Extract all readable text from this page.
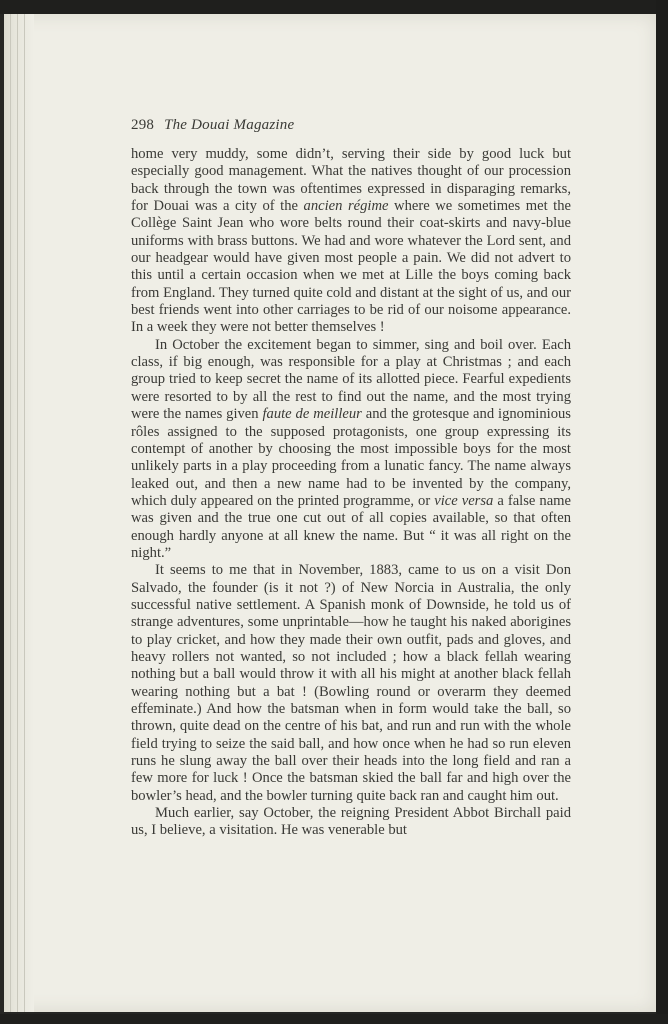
298 The Douai Magazine

home very muddy, some didn’t, serving their side by good luck but especially good management. What the natives thought of our procession back through the town was oftentimes expressed in disparaging remarks, for Douai was a city of the ancien régime where we sometimes met the Collège Saint Jean who wore belts round their coat-skirts and navy-blue uniforms with brass buttons. We had and wore whatever the Lord sent, and our headgear would have given most people a pain. We did not advert to this until a certain occasion when we met at Lille the boys coming back from England. They turned quite cold and distant at the sight of us, and our best friends went into other carriages to be rid of our noisome appearance. In a week they were not better themselves !

In October the excitement began to simmer, sing and boil over. Each class, if big enough, was responsible for a play at Christmas ; and each group tried to keep secret the name of its allotted piece. Fearful expedients were resorted to by all the rest to find out the name, and the most trying were the names given faute de meilleur and the grotesque and ignominious rôles assigned to the supposed protagonists, one group expressing its contempt of another by choosing the most impossible boys for the most unlikely parts in a play proceeding from a lunatic fancy. The name always leaked out, and then a new name had to be invented by the company, which duly appeared on the printed programme, or vice versa a false name was given and the true one cut out of all copies available, so that often enough hardly anyone at all knew the name. But “ it was all right on the night.”

It seems to me that in November, 1883, came to us on a visit Don Salvado, the founder (is it not ?) of New Norcia in Australia, the only successful native settlement. A Spanish monk of Downside, he told us of strange adventures, some unprintable—how he taught his naked aborigines to play cricket, and how they made their own outfit, pads and gloves, and heavy rollers not wanted, so not included ; how a black fellah wearing nothing but a ball would throw it with all his might at another black fellah wearing nothing but a bat ! (Bowling round or overarm they deemed effeminate.) And how the batsman when in form would take the ball, so thrown, quite dead on the centre of his bat, and run and run with the whole field trying to seize the said ball, and how once when he had so run eleven runs he slung away the ball over their heads into the long field and ran a few more for luck ! Once the batsman skied the ball far and high over the bowler’s head, and the bowler turning quite back ran and caught him out.

Much earlier, say October, the reigning President Abbot Birchall paid us, I believe, a visitation. He was venerable but
